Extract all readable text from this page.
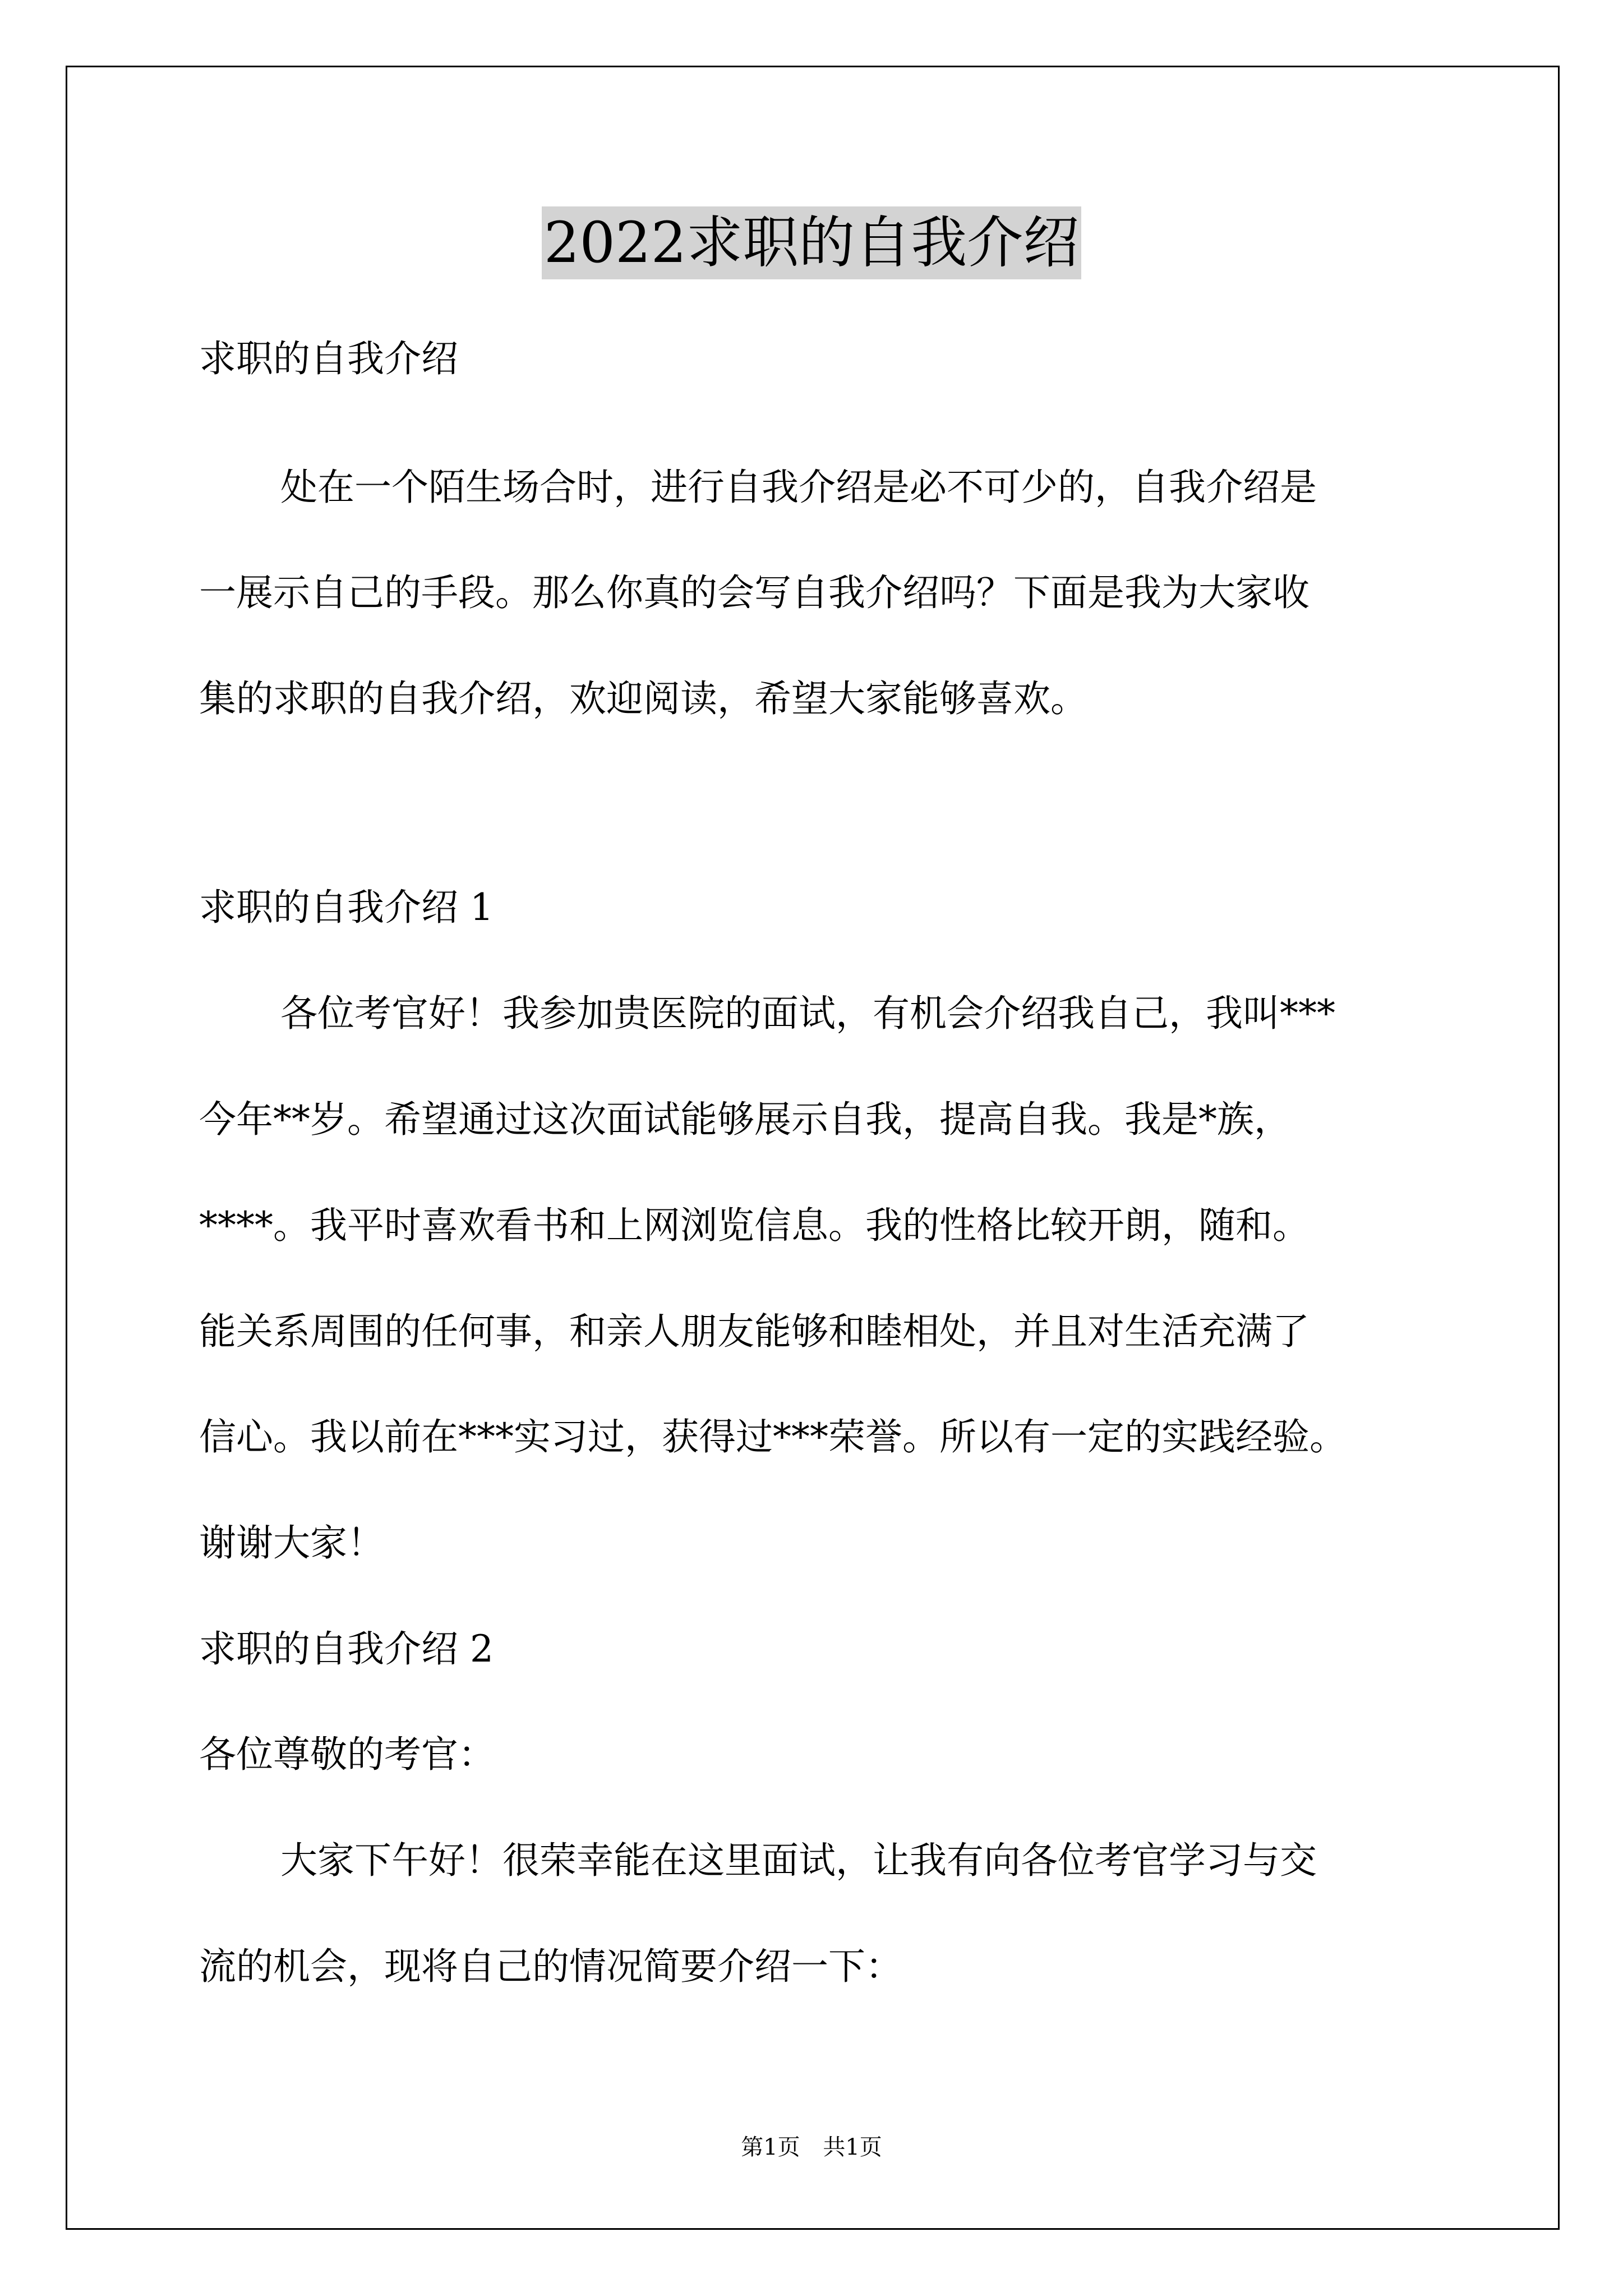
2022求职的自我介绍
求职的自我介绍
处在一个陌生场合时，进行自我介绍是必不可少的，自我介绍是
一展示自己的手段。那么你真的会写自我介绍吗？下面是我为大家收
集的求职的自我介绍，欢迎阅读，希望大家能够喜欢。
求职的自我介绍 1
各位考官好！我参加贵医院的面试，有机会介绍我自己，我叫***
今年**岁。希望通过这次面试能够展示自我，提高自我。我是*族，
****。我平时喜欢看书和上网浏览信息。我的性格比较开朗，随和。
能关系周围的任何事，和亲人朋友能够和睦相处，并且对生活充满了
信心。我以前在***实习过，获得过***荣誉。所以有一定的实践经验。
谢谢大家！
求职的自我介绍 2
各位尊敬的考官：
大家下午好！很荣幸能在这里面试，让我有向各位考官学习与交
流的机会，现将自己的情况简要介绍一下：
第1页 共1页
